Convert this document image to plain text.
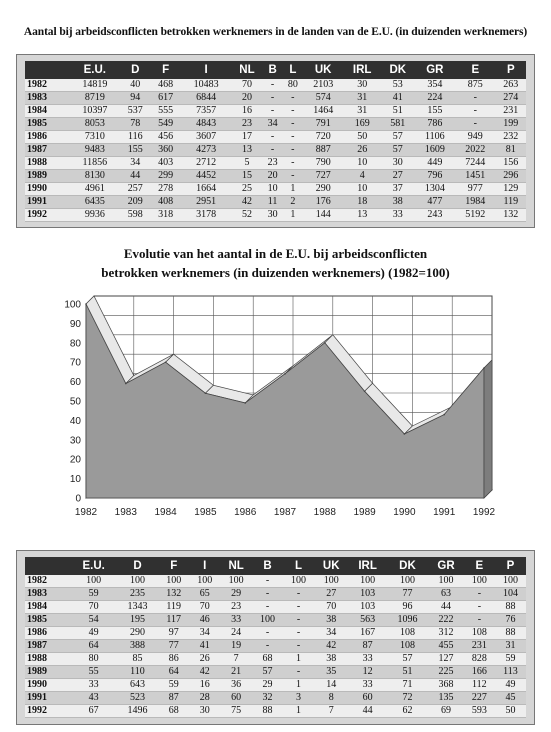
Aantal bij arbeidsconflicten betrokken werknemers in de landen van de E.U. (in duizenden werknemers)
	E.U.	D	F	I	NL	B	L	UK	IRL	DK	GR	E	P
1982	14819	40	468	10483	70	-	80	2103	30	53	354	875	263
1983	8719	94	617	6844	20	-	-	574	31	41	224	-	274
1984	10397	537	555	7357	16	-	-	1464	31	51	155	-	231
1985	8053	78	549	4843	23	34	-	791	169	581	786	-	199
1986	7310	116	456	3607	17	-	-	720	50	57	1106	949	232
1987	9483	155	360	4273	13	-	-	887	26	57	1609	2022	81
1988	11856	34	403	2712	5	23	-	790	10	30	449	7244	156
1989	8130	44	299	4452	15	20	-	727	4	27	796	1451	296
1990	4961	257	278	1664	25	10	1	290	10	37	1304	977	129
1991	6435	209	408	2951	42	11	2	176	18	38	477	1984	119
1992	9936	598	318	3178	52	30	1	144	13	33	243	5192	132
Evolutie van het aantal in de E.U. bij arbeidsconflicten
betrokken werknemers (in duizenden werknemers) (1982=100)
0
10
20
30
40
50
60
70
80
90
100
1982 1983 1984 1985 1986 1987 1988 1989 1990 1991 1992
	E.U.	D	F	I	NL	B	L	UK	IRL	DK	GR	E	P
1982	100	100	100	100	100	-	100	100	100	100	100	100	100
1983	59	235	132	65	29	-	-	27	103	77	63	-	104
1984	70	1343	119	70	23	-	-	70	103	96	44	-	88
1985	54	195	117	46	33	100	-	38	563	1096	222	-	76
1986	49	290	97	34	24	-	-	34	167	108	312	108	88
1987	64	388	77	41	19	-	-	42	87	108	455	231	31
1988	80	85	86	26	7	68	1	38	33	57	127	828	59
1989	55	110	64	42	21	57	-	35	12	51	225	166	113
1990	33	643	59	16	36	29	1	14	33	71	368	112	49
1991	43	523	87	28	60	32	3	8	60	72	135	227	45
1992	67	1496	68	30	75	88	1	7	44	62	69	593	50
